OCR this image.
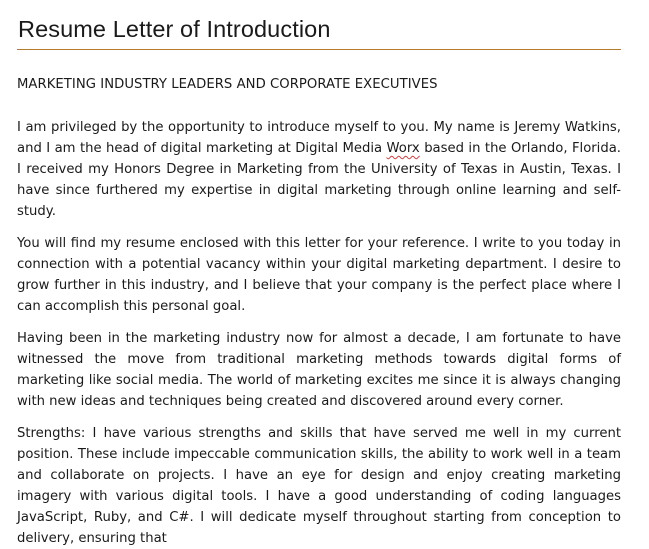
Resume Letter of Introduction
MARKETING INDUSTRY LEADERS AND CORPORATE EXECUTIVES

I am privileged by the opportunity to introduce myself to you. My name is Jeremy Watkins, and I am the head of digital marketing at Digital Media Worx based in the Orlando, Florida. I received my Honors Degree in Marketing from the University of Texas in Austin, Texas. I have since furthered my expertise in digital marketing through online learning and self-study.

You will find my resume enclosed with this letter for your reference. I write to you today in connection with a potential vacancy within your digital marketing department. I desire to grow further in this industry, and I believe that your company is the perfect place where I can accomplish this personal goal.

Having been in the marketing industry now for almost a decade, I am fortunate to have witnessed the move from traditional marketing methods towards digital forms of marketing like social media. The world of marketing excites me since it is always changing with new ideas and techniques being created and discovered around every corner.

Strengths: I have various strengths and skills that have served me well in my current position. These include impeccable communication skills, the ability to work well in a team and collaborate on projects. I have an eye for design and enjoy creating marketing imagery with various digital tools. I have a good understanding of coding languages JavaScript, Ruby, and C#. I will dedicate myself throughout starting from conception to delivery, ensuring that
